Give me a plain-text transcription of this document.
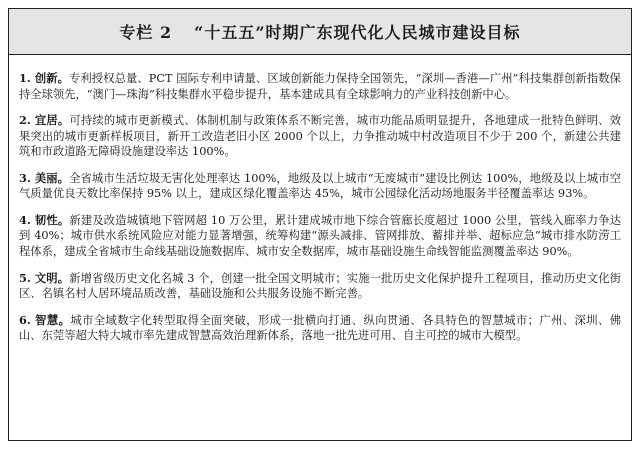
专栏 2 “十五五”时期广东现代化人民城市建设目标

1. 创新。专利授权总量、PCT 国际专利申请量、区域创新能力保持全国领先，“深圳—香港—广州”科技集群创新指数保持全球领先，“澳门—珠海”科技集群水平稳步提升，基本建成具有全球影响力的产业科技创新中心。

2. 宜居。可持续的城市更新模式、体制机制与政策体系不断完善，城市功能品质明显提升，各地建成一批特色鲜明、效果突出的城市更新样板项目，新开工改造老旧小区 2000 个以上，力争推动城中村改造项目不少于 200 个，新建公共建筑和市政道路无障碍设施建设率达 100%。

3. 美丽。全省城市生活垃圾无害化处理率达 100%，地级及以上城市“无废城市”建设比例达 100%，地级及以上城市空气质量优良天数比率保持 95% 以上，建成区绿化覆盖率达 45%，城市公园绿化活动场地服务半径覆盖率达 93%。

4. 韧性。新建及改造城镇地下管网超 10 万公里，累计建成城市地下综合管廊长度超过 1000 公里，管线入廊率力争达到 40%；城市供水系统风险应对能力显著增强，统筹构建“源头减排、管网排放、蓄排并举、超标应急”城市排水防涝工程体系，建成全省城市生命线基础设施数据库、城市安全数据库，城市基础设施生命线智能监测覆盖率达 90%。

5. 文明。新增省级历史文化名城 3 个，创建一批全国文明城市；实施一批历史文化保护提升工程项目，推动历史文化街区、名镇名村人居环境品质改善，基础设施和公共服务设施不断完善。

6. 智慧。城市全域数字化转型取得全面突破，形成一批横向打通、纵向贯通、各具特色的智慧城市；广州、深圳、佛山、东莞等超大特大城市率先建成智慧高效治理新体系，落地一批先进可用、自主可控的城市大模型。
